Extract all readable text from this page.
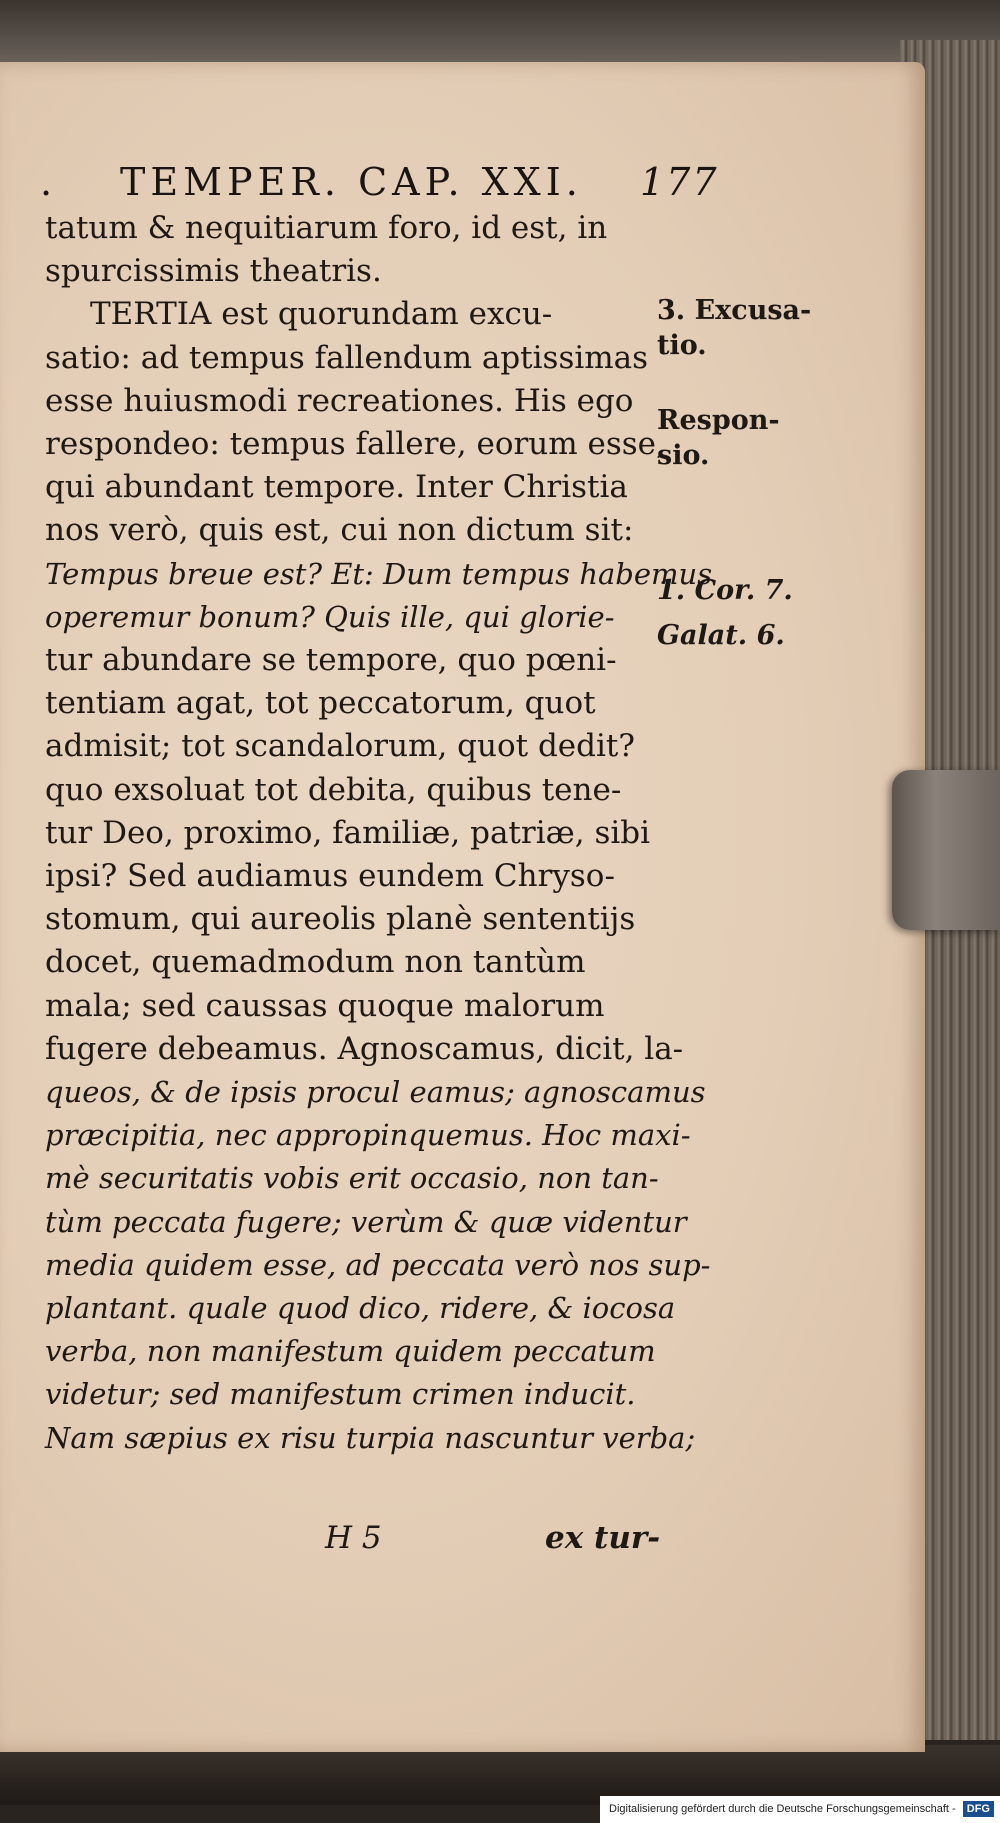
. TEMPER. CAP. XXI. 177
tatum & nequitiarum foro, id est, in
spurcissimis theatris.
TERTIA est quorundam excu-
satio: ad tempus fallendum aptissimas
esse huiusmodi recreationes. His ego
respondeo: tempus fallere, eorum esse,
qui abundant tempore. Inter Christia
nos verò, quis est, cui non dictum sit:
Tempus breue est? Et: Dum tempus habemus
operemur bonum? Quis ille, qui glorie-
tur abundare se tempore, quo pœni-
tentiam agat, tot peccatorum, quot
admisit; tot scandalorum, quot dedit?
quo exsoluat tot debita, quibus tene-
tur Deo, proximo, familiæ, patriæ, sibi
ipsi? Sed audiamus eundem Chryso-
stomum, qui aureolis planè sententijs
docet, quemadmodum non tantùm
mala; sed caussas quoque malorum
fugere debeamus. Agnoscamus, dicit, la-
queos, & de ipsis procul eamus; agnoscamus
præcipitia, nec appropinquemus. Hoc maxi-
mè securitatis vobis erit occasio, non tan-
tùm peccata fugere; verùm & quæ videntur
media quidem esse, ad peccata verò nos sup-
plantant. quale quod dico, ridere, & iocosa
verba, non manifestum quidem peccatum
videtur; sed manifestum crimen inducit.
Nam sæpius ex risu turpia nascuntur verba;
3. Excusa-
tio.
Respon-
sio.
1. Cor. 7.
Galat. 6.
H 5	ex tur-
Digitalisierung gefördert durch die Deutsche Forschungsgemeinschaft - DFG
